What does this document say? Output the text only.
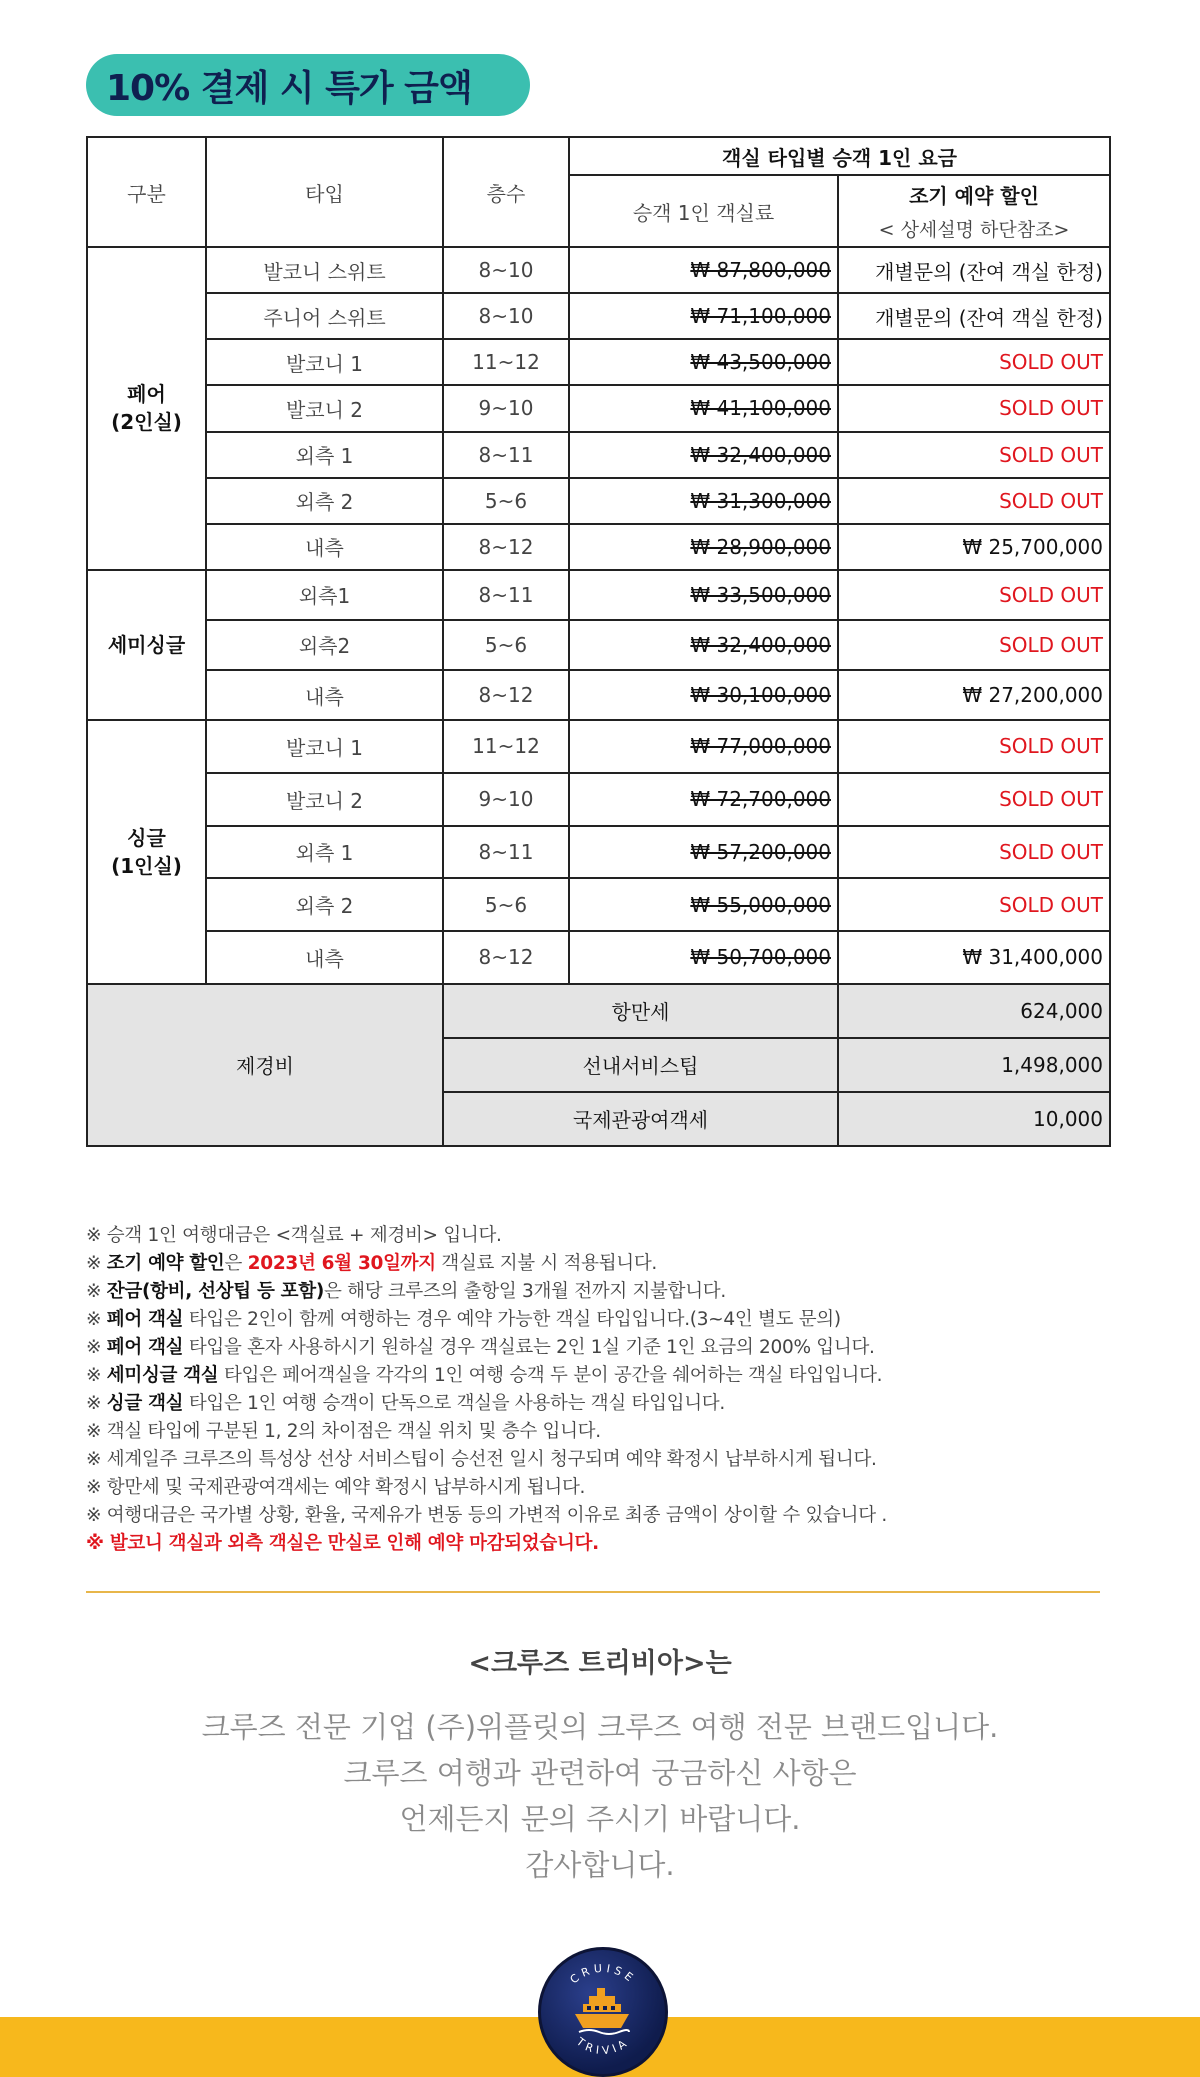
10% 결제 시 특가 금액
구분	타입	층수	객실 타입별 승객 1인 요금	
			승객 1인 객실료	조기 예약 할인
< 상세설명 하단참조>

페어
(2인실)	발코니 스위트	8~10	₩ 87,800,000	개별문의 (잔여 객실 한정)
	주니어 스위트	8~10	₩ 71,100,000	개별문의 (잔여 객실 한정)
	발코니 1	11~12	₩ 43,500,000	SOLD OUT
	발코니 2	9~10	₩ 41,100,000	SOLD OUT
	외측 1	8~11	₩ 32,400,000	SOLD OUT
	외측 2	5~6	₩ 31,300,000	SOLD OUT
	내측	8~12	₩ 28,900,000	₩ 25,700,000
세미싱글	외측1	8~11	₩ 33,500,000	SOLD OUT
	외측2	5~6	₩ 32,400,000	SOLD OUT
	내측	8~12	₩ 30,100,000	₩ 27,200,000
싱글
(1인실)	발코니 1	11~12	₩ 77,000,000	SOLD OUT
	발코니 2	9~10	₩ 72,700,000	SOLD OUT
	외측 1	8~11	₩ 57,200,000	SOLD OUT
	외측 2	5~6	₩ 55,000,000	SOLD OUT
	내측	8~12	₩ 50,700,000	₩ 31,400,000
제경비		항만세		624,000
		선내서비스팁		1,498,000
		국제관광여객세		10,000
※ 승객 1인 여행대금은 <객실료 + 제경비> 입니다.
※ 조기 예약 할인은 2023년 6월 30일까지 객실료 지불 시 적용됩니다.
※ 잔금(항비, 선상팁 등 포함)은 해당 크루즈의 출항일 3개월 전까지 지불합니다.
※ 페어 객실 타입은 2인이 함께 여행하는 경우 예약 가능한 객실 타입입니다.(3~4인 별도 문의)
※ 페어 객실 타입을 혼자 사용하시기 원하실 경우 객실료는 2인 1실 기준 1인 요금의 200% 입니다.
※ 세미싱글 객실 타입은 페어객실을 각각의 1인 여행 승객 두 분이 공간을 쉐어하는 객실 타입입니다.
※ 싱글 객실 타입은 1인 여행 승객이 단독으로 객실을 사용하는 객실 타입입니다.
※ 객실 타입에 구분된 1, 2의 차이점은 객실 위치 및 층수 입니다.
※ 세계일주 크루즈의 특성상 선상 서비스팁이 승선전 일시 청구되며 예약 확정시 납부하시게 됩니다.
※ 항만세 및 국제관광여객세는 예약 확정시 납부하시게 됩니다.
※ 여행대금은 국가별 상황, 환율, 국제유가 변동 등의 가변적 이유로 최종 금액이 상이할 수 있습니다 .
※ 발코니 객실과 외측 객실은 만실로 인해 예약 마감되었습니다.
<크루즈 트리비아>는
크루즈 전문 기업 (주)위플릿의 크루즈 여행 전문 브랜드입니다.
크루즈 여행과 관련하여 궁금하신 사항은
언제든지 문의 주시기 바랍니다.
감사합니다.
CRUISE
TRIVIA
